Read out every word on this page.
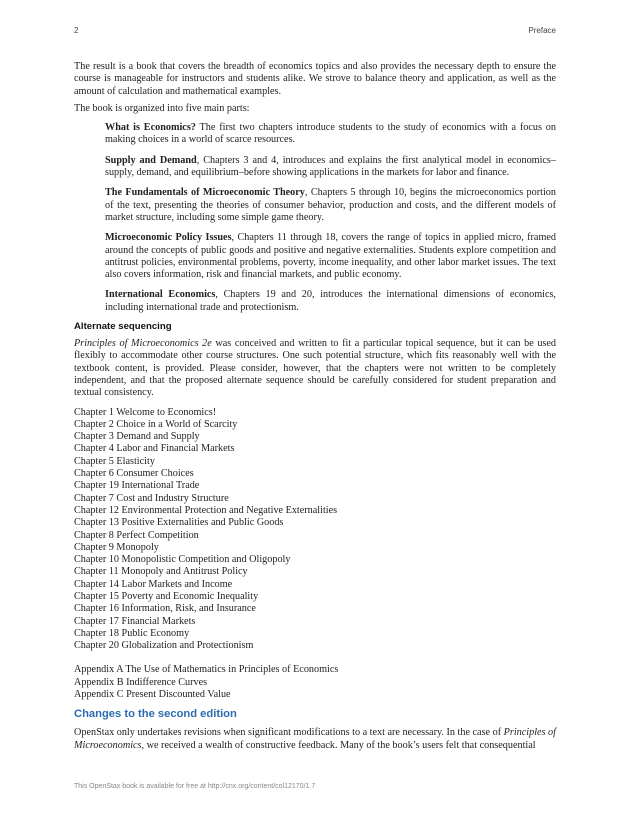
2	Preface

The result is a book that covers the breadth of economics topics and also provides the necessary depth to ensure the course is manageable for instructors and students alike. We strove to balance theory and application, as well as the amount of calculation and mathematical examples.

The book is organized into five main parts:

What is Economics? The first two chapters introduce students to the study of economics with a focus on making choices in a world of scarce resources.

Supply and Demand, Chapters 3 and 4, introduces and explains the first analytical model in economics–supply, demand, and equilibrium–before showing applications in the markets for labor and finance.

The Fundamentals of Microeconomic Theory, Chapters 5 through 10, begins the microeconomics portion of the text, presenting the theories of consumer behavior, production and costs, and the different models of market structure, including some simple game theory.

Microeconomic Policy Issues, Chapters 11 through 18, covers the range of topics in applied micro, framed around the concepts of public goods and positive and negative externalities. Students explore competition and antitrust policies, environmental problems, poverty, income inequality, and other labor market issues. The text also covers information, risk and financial markets, and public economy.

International Economics, Chapters 19 and 20, introduces the international dimensions of economics, including international trade and protectionism.

Alternate sequencing

Principles of Microeconomics 2e was conceived and written to fit a particular topical sequence, but it can be used flexibly to accommodate other course structures. One such potential structure, which fits reasonably well with the textbook content, is provided. Please consider, however, that the chapters were not written to be completely independent, and that the proposed alternate sequence should be carefully considered for student preparation and textual consistency.

Chapter 1 Welcome to Economics!
Chapter 2 Choice in a World of Scarcity
Chapter 3 Demand and Supply
Chapter 4 Labor and Financial Markets
Chapter 5 Elasticity
Chapter 6 Consumer Choices
Chapter 19 International Trade
Chapter 7 Cost and Industry Structure
Chapter 12 Environmental Protection and Negative Externalities
Chapter 13 Positive Externalities and Public Goods
Chapter 8 Perfect Competition
Chapter 9 Monopoly
Chapter 10 Monopolistic Competition and Oligopoly
Chapter 11 Monopoly and Antitrust Policy
Chapter 14 Labor Markets and Income
Chapter 15 Poverty and Economic Inequality
Chapter 16 Information, Risk, and Insurance
Chapter 17 Financial Markets
Chapter 18 Public Economy
Chapter 20 Globalization and Protectionism
Appendix A The Use of Mathematics in Principles of Economics
Appendix B Indifference Curves
Appendix C Present Discounted Value
Changes to the second edition

OpenStax only undertakes revisions when significant modifications to a text are necessary. In the case of Principles of Microeconomics, we received a wealth of constructive feedback. Many of the book’s users felt that consequential

This OpenStax book is available for free at http://cnx.org/content/col12170/1.7
